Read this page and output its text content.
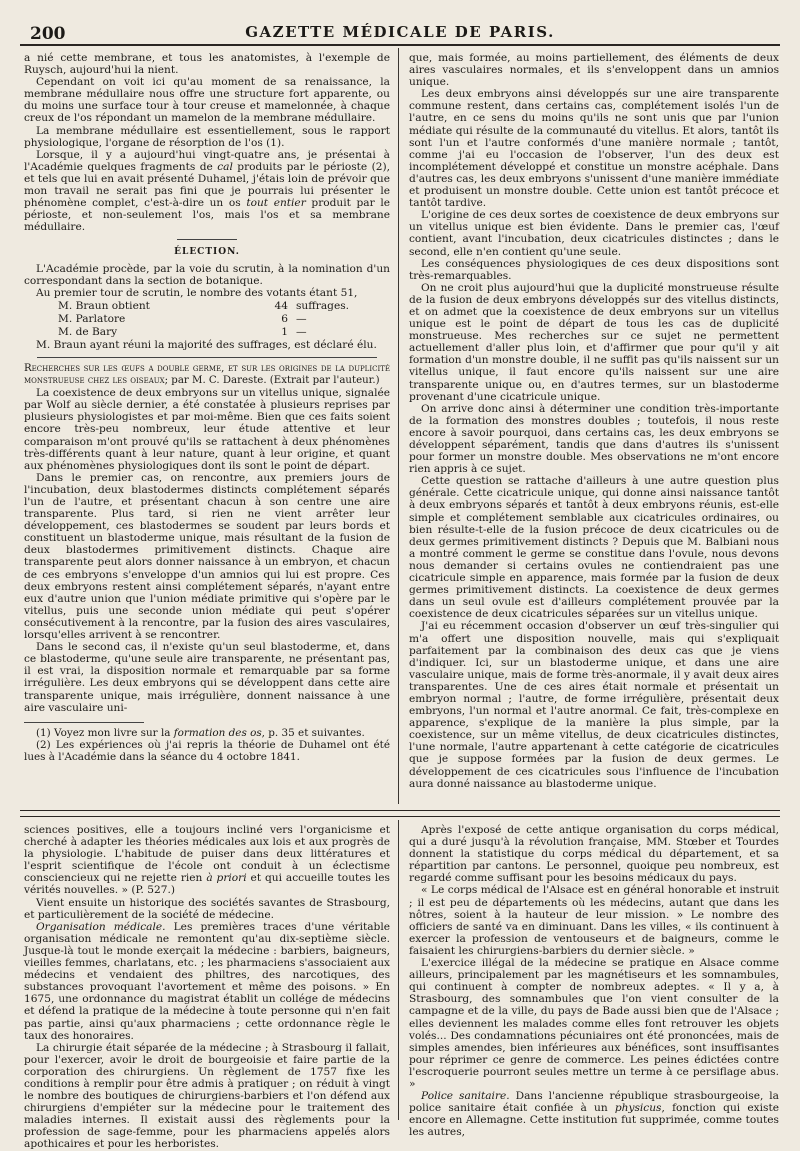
200	GAZETTE MÉDICALE DE PARIS.

a nié cette membrane, et tous les anatomistes, à l'exemple de Ruysch, aujourd'hui la nient.

Cependant on voit ici qu'au moment de sa renaissance, la membrane médullaire nous offre une structure fort apparente, ou du moins une surface tour à tour creuse et mamelonnée, à chaque creux de l'os répondant un mamelon de la membrane médullaire.

La membrane médullaire est essentiellement, sous le rapport physiologique, l'organe de résorption de l'os (1).

Lorsque, il y a aujourd'hui vingt-quatre ans, je présentai à l'Académie quelques fragments de cal produits par le périoste (2), et tels que lui en avait présenté Duhamel, j'étais loin de prévoir que mon travail ne serait pas fini que je pourrais lui présenter le phénomène complet, c'est-à-dire un os tout entier produit par le périoste, et non-seulement l'os, mais l'os et sa membrane médullaire.

ÉLECTION.

L'Académie procède, par la voie du scrutin, à la nomination d'un correspondant dans la section de botanique.

Au premier tour de scrutin, le nombre des votants étant 51,

M. Braun obtient	44 suffrages.
M. Parlatore	6 —
M. de Bary	1 —

M. Braun ayant réuni la majorité des suffrages, est déclaré élu.

Recherches sur les œufs a double germe, et sur les origines de la duplicité monstrueuse chez les oiseaux; par M. C. Dareste. (Extrait par l'auteur.)

La coexistence de deux embryons sur un vitellus unique, signalée par Wolf au siècle dernier, a été constatée à plusieurs reprises par plusieurs physiologistes et par moi-même. Bien que ces faits soient encore très-peu nombreux, leur étude attentive et leur comparaison m'ont prouvé qu'ils se rattachent à deux phénomènes très-différents quant à leur nature, quant à leur origine, et quant aux phénomènes physiologiques dont ils sont le point de départ.

Dans le premier cas, on rencontre, aux premiers jours de l'incubation, deux blastodermes distincts complétement séparés l'un de l'autre, et présentant chacun à son centre une aire transparente. Plus tard, si rien ne vient arrêter leur développement, ces blastodermes se soudent par leurs bords et constituent un blastoderme unique, mais résultant de la fusion de deux blastodermes primitivement distincts. Chaque aire transparente peut alors donner naissance à un embryon, et chacun de ces embryons s'enveloppe d'un amnios qui lui est propre. Ces deux embryons restent ainsi complétement séparés, n'ayant entre eux d'autre union que l'union médiate primitive qui s'opère par le vitellus, puis une seconde union médiate qui peut s'opérer consécutivement à la rencontre, par la fusion des aires vasculaires, lorsqu'elles arrivent à se rencontrer.

Dans le second cas, il n'existe qu'un seul blastoderme, et, dans ce blastoderme, qu'une seule aire transparente, ne présentant pas, il est vrai, la disposition normale et remarquable par sa forme irrégulière. Les deux embryons qui se développent dans cette aire transparente unique, mais irrégulière, donnent naissance à une aire vasculaire uni-

(1) Voyez mon livre sur la formation des os, p. 35 et suivantes.

(2) Les expériences où j'ai repris la théorie de Duhamel ont été lues à l'Académie dans la séance du 4 octobre 1841.

que, mais formée, au moins partiellement, des éléments de deux aires vasculaires normales, et ils s'enveloppent dans un amnios unique.

Les deux embryons ainsi développés sur une aire transparente commune restent, dans certains cas, complétement isolés l'un de l'autre, en ce sens du moins qu'ils ne sont unis que par l'union médiate qui résulte de la communauté du vitellus. Et alors, tantôt ils sont l'un et l'autre conformés d'une manière normale ; tantôt, comme j'ai eu l'occasion de l'observer, l'un des deux est incomplétement développé et constitue un monstre acéphale. Dans d'autres cas, les deux embryons s'unissent d'une manière immédiate et produisent un monstre double. Cette union est tantôt précoce et tantôt tardive.

L'origine de ces deux sortes de coexistence de deux embryons sur un vitellus unique est bien évidente. Dans le premier cas, l'œuf contient, avant l'incubation, deux cicatricules distinctes ; dans le second, elle n'en contient qu'une seule.

Les conséquences physiologiques de ces deux dispositions sont très-remarquables.

On ne croit plus aujourd'hui que la duplicité monstrueuse résulte de la fusion de deux embryons développés sur des vitellus distincts, et on admet que la coexistence de deux embryons sur un vitellus unique est le point de départ de tous les cas de duplicité monstrueuse. Mes recherches sur ce sujet ne permettent actuellement d'aller plus loin, et d'affirmer que pour qu'il y ait formation d'un monstre double, il ne suffit pas qu'ils naissent sur un vitellus unique, il faut encore qu'ils naissent sur une aire transparente unique ou, en d'autres termes, sur un blastoderme provenant d'une cicatricule unique.

On arrive donc ainsi à déterminer une condition très-importante de la formation des monstres doubles ; toutefois, il nous reste encore à savoir pourquoi, dans certains cas, les deux embryons se développent séparément, tandis que dans d'autres ils s'unissent pour former un monstre double. Mes observations ne m'ont encore rien appris à ce sujet.

Cette question se rattache d'ailleurs à une autre question plus générale. Cette cicatricule unique, qui donne ainsi naissance tantôt à deux embryons séparés et tantôt à deux embryons réunis, est-elle simple et complétement semblable aux cicatricules ordinaires, ou bien résulte-t-elle de la fusion précoce de deux cicatricules ou de deux germes primitivement distincts ? Depuis que M. Balbiani nous a montré comment le germe se constitue dans l'ovule, nous devons nous demander si certains ovules ne contiendraient pas une cicatricule simple en apparence, mais formée par la fusion de deux germes primitivement distincts. La coexistence de deux germes dans un seul ovule est d'ailleurs complétement prouvée par la coexistence de deux cicatricules séparées sur un vitellus unique.

J'ai eu récemment occasion d'observer un œuf très-singulier qui m'a offert une disposition nouvelle, mais qui s'expliquait parfaitement par la combinaison des deux cas que je viens d'indiquer. Ici, sur un blastoderme unique, et dans une aire vasculaire unique, mais de forme très-anormale, il y avait deux aires transparentes. Une de ces aires était normale et présentait un embryon normal ; l'autre, de forme irrégulière, présentait deux embryons, l'un normal et l'autre anormal. Ce fait, très-complexe en apparence, s'explique de la manière la plus simple, par la coexistence, sur un même vitellus, de deux cicatricules distinctes, l'une normale, l'autre appartenant à cette catégorie de cicatricules que je suppose formées par la fusion de deux germes. Le développement de ces cicatricules sous l'influence de l'incubation aura donné naissance au blastoderme unique.

sciences positives, elle a toujours incliné vers l'organicisme et cherché à adapter les théories médicales aux lois et aux progrès de la physiologie. L'habitude de puiser dans deux littératures et l'esprit scientifique de l'école ont conduit à un éclectisme consciencieux qui ne rejette rien à priori et qui accueille toutes les vérités nouvelles. » (P. 527.)

Vient ensuite un historique des sociétés savantes de Strasbourg, et particulièrement de la société de médecine.

Organisation médicale. Les premières traces d'une véritable organisation médicale ne remontent qu'au dix-septième siècle. Jusque-là tout le monde exerçait la médecine : barbiers, baigneurs, vieilles femmes, charlatans, etc. ; les pharmaciens s'associaient aux médecins et vendaient des philtres, des narcotiques, des substances provoquant l'avortement et même des poisons. » En 1675, une ordonnance du magistrat établit un collége de médecins et défend la pratique de la médecine à toute personne qui n'en fait pas partie, ainsi qu'aux pharmaciens ; cette ordonnance règle le taux des honoraires.

La chirurgie était séparée de la médecine ; à Strasbourg il fallait, pour l'exercer, avoir le droit de bourgeoisie et faire partie de la corporation des chirurgiens. Un règlement de 1757 fixe les conditions à remplir pour être admis à pratiquer ; on réduit à vingt le nombre des boutiques de chirurgiens-barbiers et l'on défend aux chirurgiens d'empiéter sur la médecine pour le traitement des maladies internes. Il existait aussi des règlements pour la profession de sage-femme, pour les pharmaciens appelés alors apothicaires et pour les herboristes.

Après l'exposé de cette antique organisation du corps médical, qui a duré jusqu'à la révolution française, MM. Stœber et Tourdes donnent la statistique du corps médical du département, et sa répartition par cantons. Le personnel, quoique peu nombreux, est regardé comme suffisant pour les besoins médicaux du pays.

« Le corps médical de l'Alsace est en général honorable et instruit ; il est peu de départements où les médecins, autant que dans les nôtres, soient à la hauteur de leur mission. » Le nombre des officiers de santé va en diminuant. Dans les villes, « ils continuent à exercer la profession de ventouseurs et de baigneurs, comme le faisaient les chirurgiens-barbiers du dernier siècle. »

L'exercice illégal de la médecine se pratique en Alsace comme ailleurs, principalement par les magnétiseurs et les somnambules, qui continuent à compter de nombreux adeptes. « Il y a, à Strasbourg, des somnambules que l'on vient consulter de la campagne et de la ville, du pays de Bade aussi bien que de l'Alsace ; elles deviennent les malades comme elles font retrouver les objets volés... Des condamnations pécuniaires ont été prononcées, mais de simples amendes, bien inférieures aux bénéfices, sont insuffisantes pour réprimer ce genre de commerce. Les peines édictées contre l'escroquerie pourront seules mettre un terme à ce persiflage abus. »

Police sanitaire. Dans l'ancienne république strasbourgeoise, la police sanitaire était confiée à un physicus, fonction qui existe encore en Allemagne. Cette institution fut supprimée, comme toutes les autres,
